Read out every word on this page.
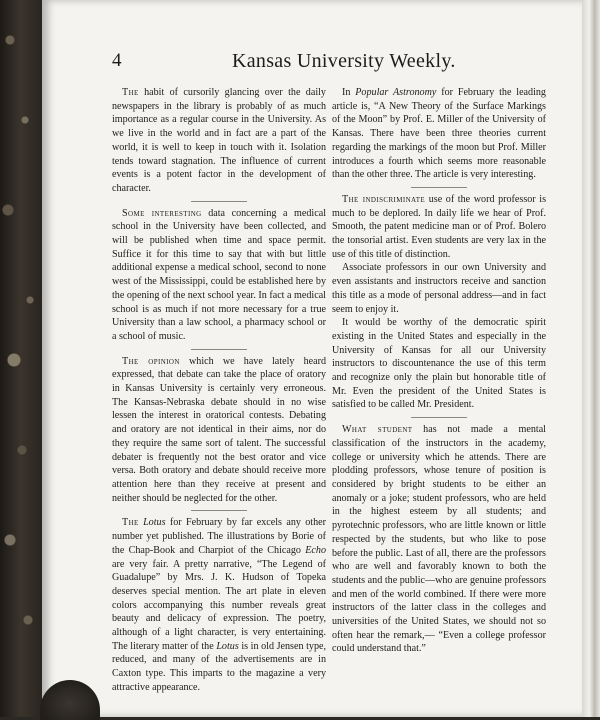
4	Kansas University Weekly.

The habit of cursorily glancing over the daily newspapers in the library is probably of as much importance as a regular course in the University. As we live in the world and in fact are a part of the world, it is well to keep in touch with it. Isolation tends toward stagnation. The influence of current events is a potent factor in the development of character.

Some interesting data concerning a medical school in the University have been collected, and will be published when time and space permit. Suffice it for this time to say that with but little additional expense a medical school, second to none west of the Mississippi, could be established here by the opening of the next school year. In fact a medical school is as much if not more necessary for a true University than a law school, a pharmacy school or a school of music.

The opinion which we have lately heard expressed, that debate can take the place of oratory in Kansas University is certainly very erroneous. The Kansas-Nebraska debate should in no wise lessen the interest in oratorical contests. Debating and oratory are not identical in their aims, nor do they require the same sort of talent. The successful debater is frequently not the best orator and vice versa. Both oratory and debate should receive more attention here than they receive at present and neither should be neglected for the other.

The Lotus for February by far excels any other number yet published. The illustrations by Borie of the Chap-Book and Charpiot of the Chicago Echo are very fair. A pretty narrative, “The Legend of Guadalupe” by Mrs. J. K. Hudson of Topeka deserves special mention. The art plate in eleven colors accompanying this number reveals great beauty and delicacy of expression. The poetry, although of a light character, is very entertaining. The literary matter of the Lotus is in old Jensen type, reduced, and many of the advertisements are in Caxton type. This imparts to the magazine a very attractive appearance.

In Popular Astronomy for February the leading article is, “A New Theory of the Surface Markings of the Moon” by Prof. E. Miller of the University of Kansas. There have been three theories current regarding the markings of the moon but Prof. Miller introduces a fourth which seems more reasonable than the other three. The article is very interesting.

The indiscriminate use of the word professor is much to be deplored. In daily life we hear of Prof. Smooth, the patent medicine man or of Prof. Bolero the tonsorial artist. Even students are very lax in the use of this title of distinction.

Associate professors in our own University and even assistants and instructors receive and sanction this title as a mode of personal address—and in fact seem to enjoy it.

It would be worthy of the democratic spirit existing in the United States and especially in the University of Kansas for all our University instructors to discountenance the use of this term and recognize only the plain but honorable title of Mr. Even the president of the United States is satisfied to be called Mr. President.

What student has not made a mental classification of the instructors in the academy, college or university which he attends. There are plodding professors, whose tenure of position is considered by bright students to be either an anomaly or a joke; student professors, who are held in the highest esteem by all students; and pyrotechnic professors, who are little known or little respected by the students, but who like to pose before the public. Last of all, there are the professors who are well and favorably known to both the students and the public—who are genuine professors and men of the world combined. If there were more instructors of the latter class in the colleges and universities of the United States, we should not so often hear the remark,— “Even a college professor could understand that.”
